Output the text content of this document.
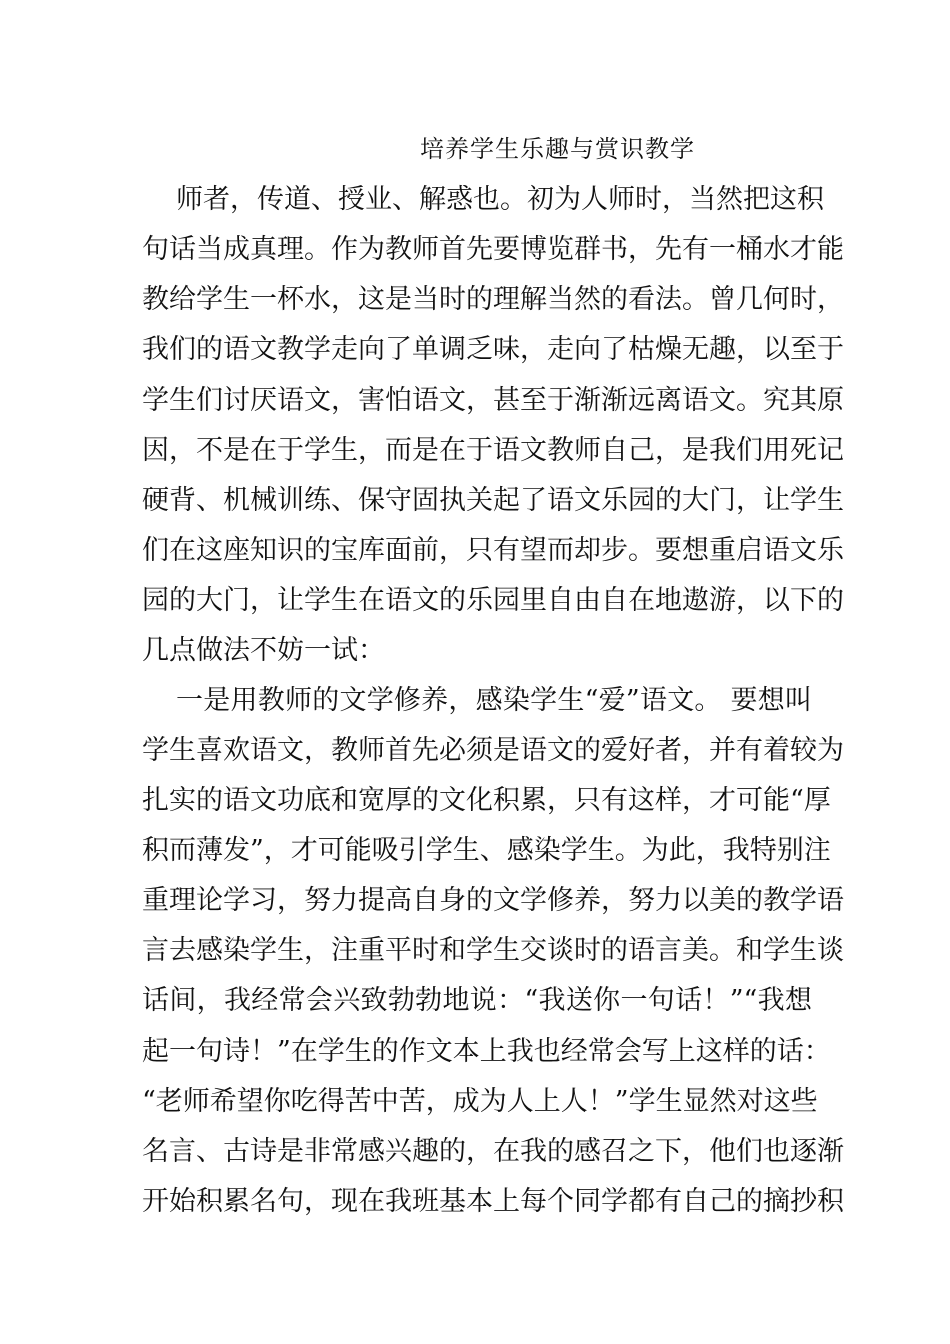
培养学生乐趣与赏识教学
师者，传道、授业、解惑也。初为人师时，当然把这积
句话当成真理。作为教师首先要博览群书，先有一桶水才能
教给学生一杯水，这是当时的理解当然的看法。曾几何时，
我们的语文教学走向了单调乏味，走向了枯燥无趣，以至于
学生们讨厌语文，害怕语文，甚至于渐渐远离语文。究其原
因，不是在于学生，而是在于语文教师自己，是我们用死记
硬背、机械训练、保守固执关起了语文乐园的大门，让学生
们在这座知识的宝库面前，只有望而却步。要想重启语文乐
园的大门，让学生在语文的乐园里自由自在地遨游，以下的
几点做法不妨一试：
一是用教师的文学修养，感染学生“爱”语文。 要想叫
学生喜欢语文，教师首先必须是语文的爱好者，并有着较为
扎实的语文功底和宽厚的文化积累，只有这样，才可能“厚
积而薄发”，才可能吸引学生、感染学生。为此，我特别注
重理论学习，努力提高自身的文学修养，努力以美的教学语
言去感染学生，注重平时和学生交谈时的语言美。和学生谈
话间，我经常会兴致勃勃地说：“我送你一句话！”“我想
起一句诗！”在学生的作文本上我也经常会写上这样的话：
“老师希望你吃得苦中苦，成为人上人！”学生显然对这些
名言、古诗是非常感兴趣的，在我的感召之下，他们也逐渐
开始积累名句，现在我班基本上每个同学都有自己的摘抄积
